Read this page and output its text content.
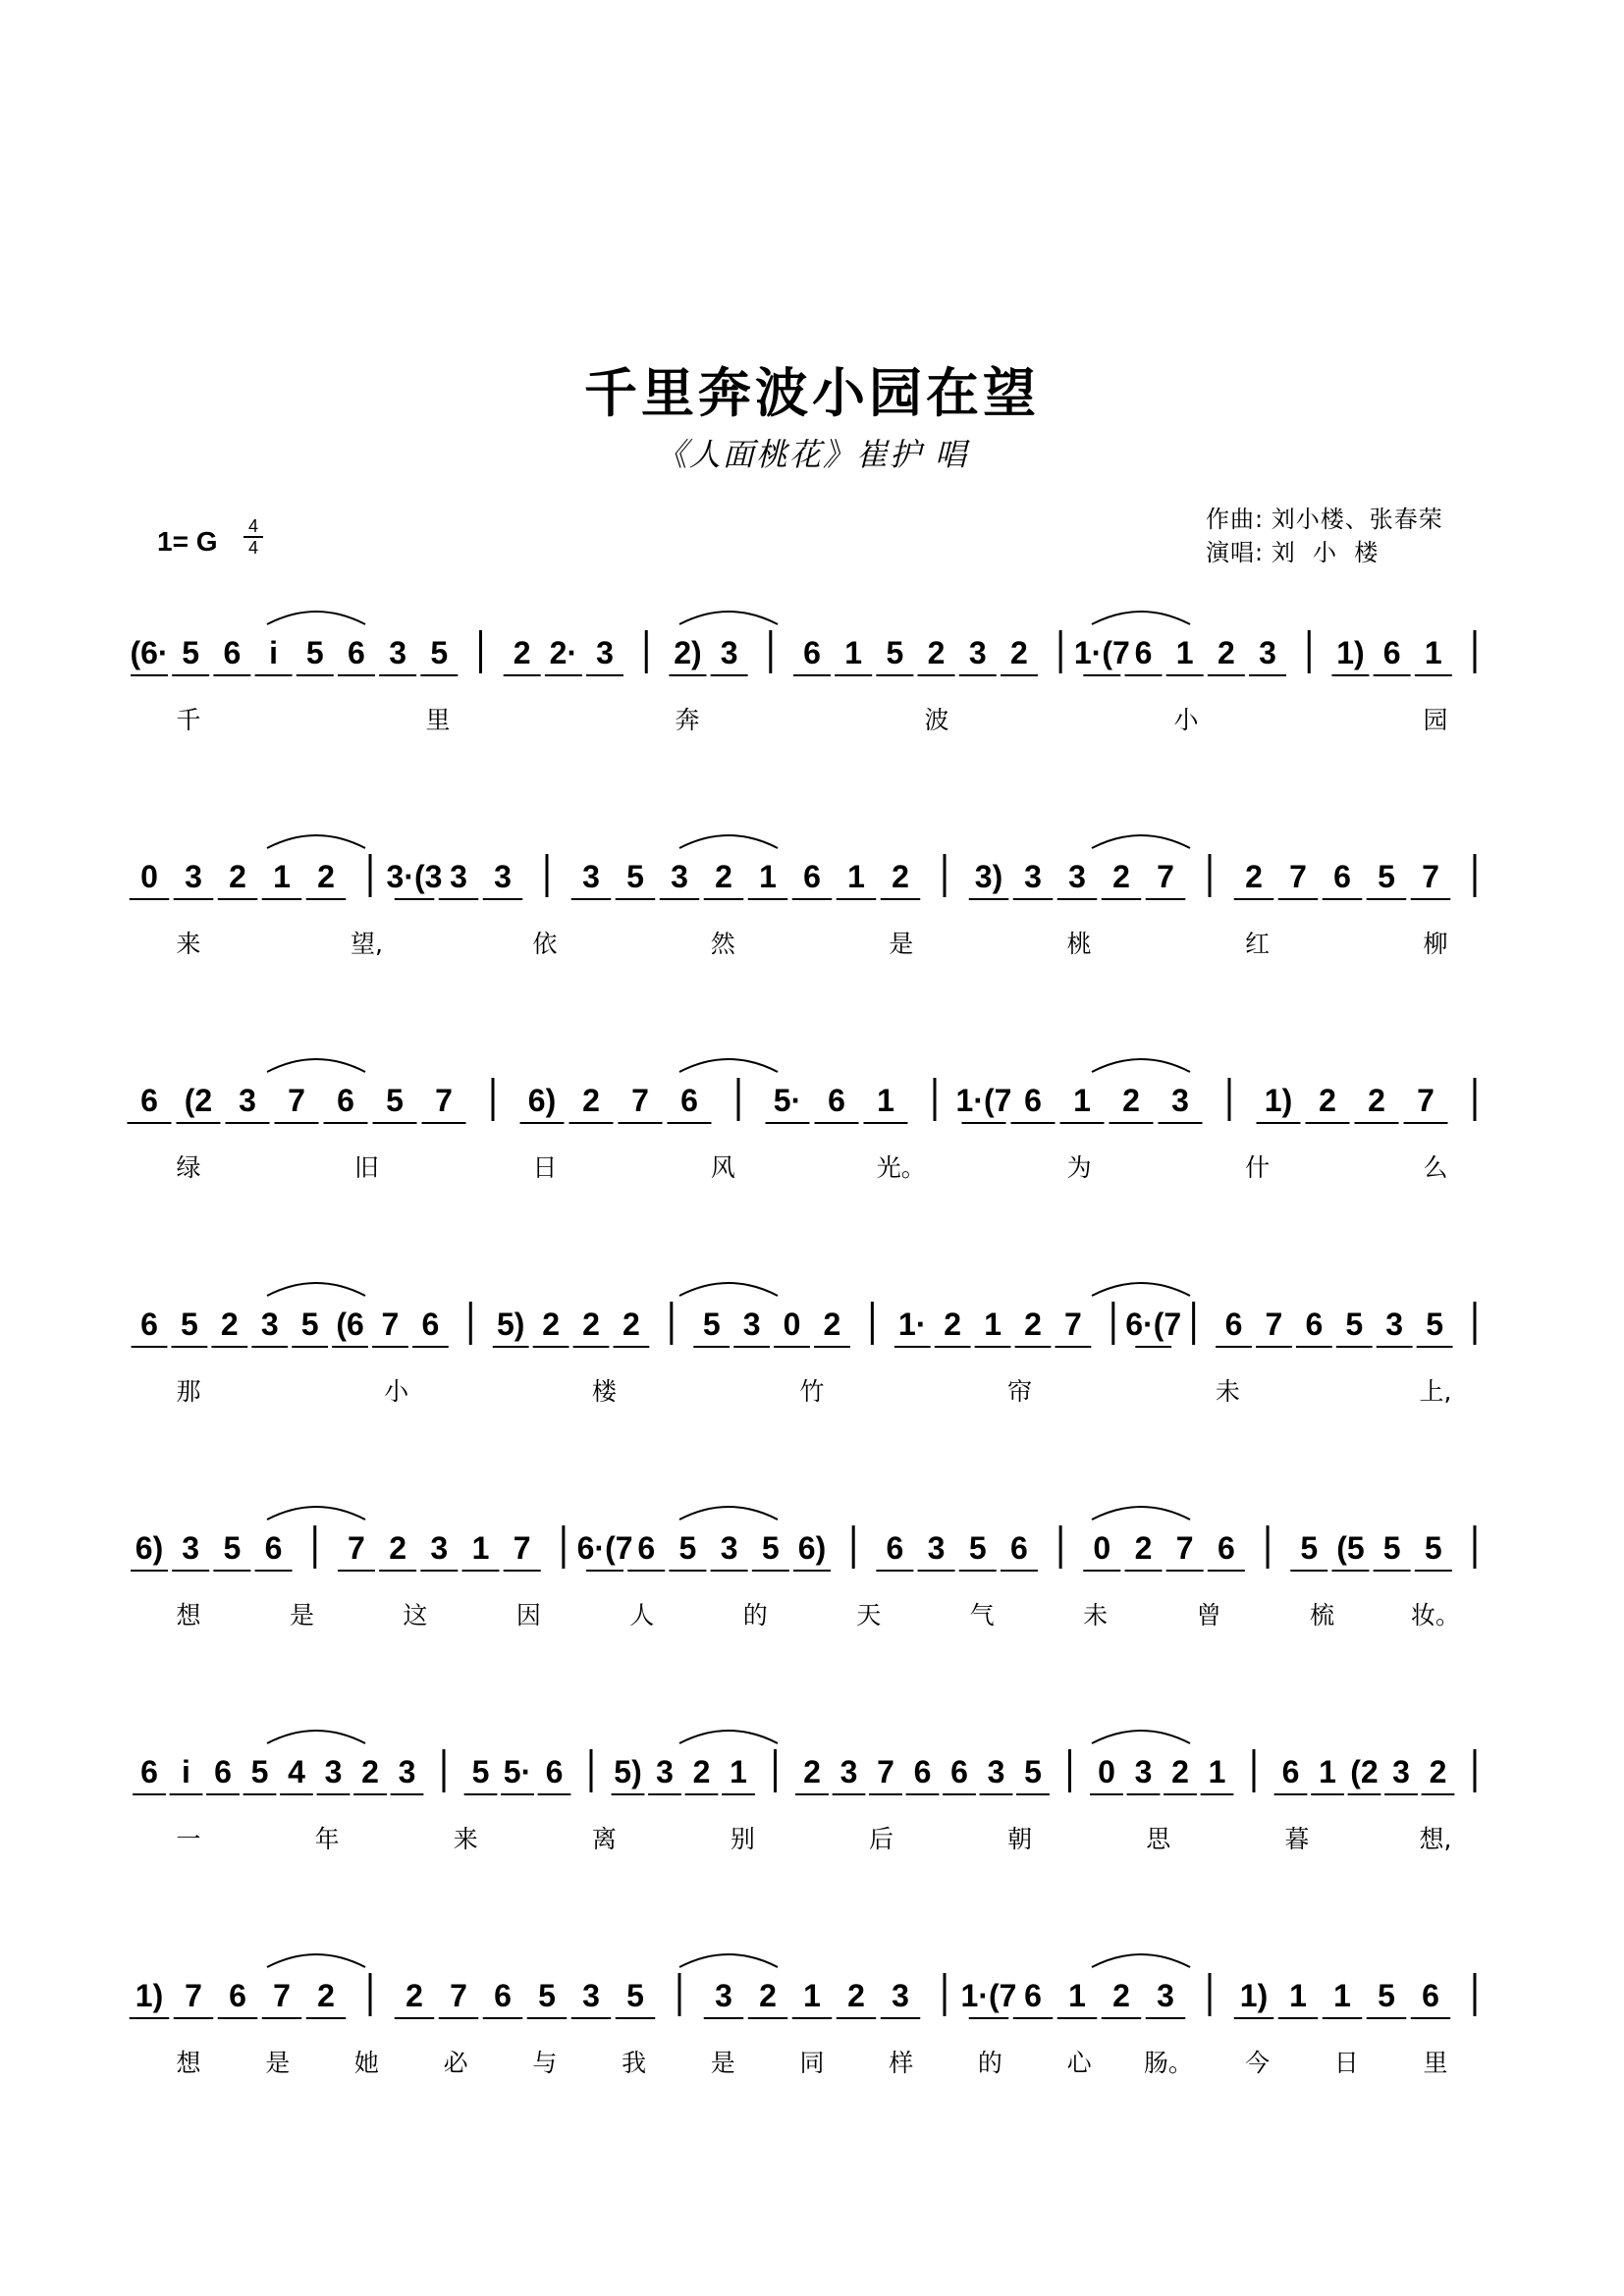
千里奔波小园在望
《人面桃花》崔护 唱
1= G 4
4
作曲: 刘小楼、张春荣
演唱: 刘  小  楼
(6· 5 6 i 5 6 3 5 2 2· 3 2) 3 6 1 5 2 3 2 1·(7 6 1 2 3 1) 6 1
千	里	奔	波	小	园
0 3 2 1 2 3·(3 3 3 3 5 3 2 1 6 1 2 3) 3 3 2 7 2 7 6 5 7
来	望,	依	然	是	桃	红	柳
6 (2 3 7 6 5 7 6) 2 7 6 5· 6 1 1·(7 6 1 2 3 1) 2 2 7
绿	旧	日	风	光。	为	什	么
6 5 2 3 5 (6 7 6 5) 2 2 2 5 3 0 2 1· 2 1 2 7 6·(7 6 7 6 5 3 5
那	小	楼	竹	帘	未	上,
6) 3 5 6 7 2 3 1 7 6·(7 6 5 3 5 6) 6 3 5 6 0 2 7 6 5 (5 5 5
想	是	这	因	人	的	天	气	未	曾	梳	妆。
6 i 6 5 4 3 2 3 5 5· 6 5) 3 2 1 2 3 7 6 6 3 5 0 3 2 1 6 1 (2 3 2
一	年	来	离	别	后	朝	思	暮	想,
1) 7 6 7 2 2 7 6 5 3 5 3 2 1 2 3 1·(7 6 1 2 3 1) 1 1 5 6
想	是	她	必	与	我	是	同	样	的	心 肠。 今	日	里
